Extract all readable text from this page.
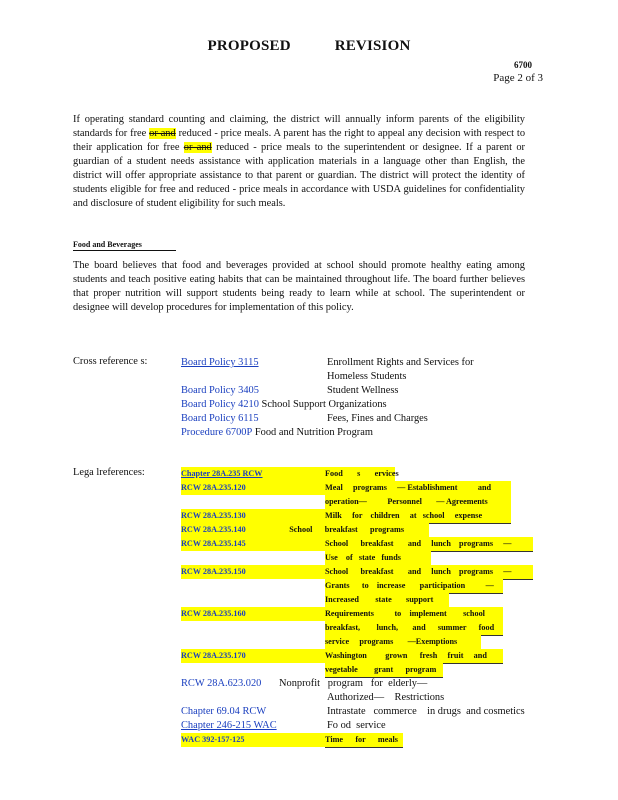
PROPOSED	REVISION
6700
Page 2 of 3
If operating standard counting and claiming, the district will annually inform parents of the eligibility standards for free or and reduced - price meals. A parent has the right to appeal any decision with respect to their application for free or and reduced - price meals to the superintendent or designee. If a parent or guardian of a student needs assistance with application materials in a language other than English, the district will offer appropriate assistance to that parent or guardian. The district will protect the identity of students eligible for free and reduced - price meals in accordance with USDA guidelines for confidentiality and disclosure of student eligibility for such meals.
Food and Beverages
The board believes that food and beverages provided at school should promote healthy eating among students and teach positive eating habits that can be maintained throughout life. The board further believes that proper nutrition will support students being ready to learn while at school. The superintendent or designee will develop procedures for implementation of this policy.
Cross reference s:	Board Policy 3115	Enrollment Rights and Services for
Homeless Students
Board Policy 3405	Student Wellness
Board Policy 4210 School Support Organizations
Board Policy 6115	Fees, Fines and Charges
Procedure 6700P Food and Nutrition Program
Lega lreferences:	Chapter 28A.235 RCW	Food       s       ervices
RCW 28A.235.120	Meal     programs     — Establishment          and
operation—          Personnel       — Agreements
RCW 28A.235.130	Milk     for    children     at   school     expense
RCW 28A.235.140	School      breakfast      programs
RCW 28A.235.145	School      breakfast       and     lunch    programs     —
Use    of   state   funds
RCW 28A.235.150	School      breakfast       and     lunch    programs     —
Grants      to    increase       participation          —
Increased        state       support
RCW 28A.235.160	Requirements          to    implement        school
breakfast,        lunch,       and      summer      food
service     programs       —Exemptions
RCW 28A.235.170	Washington         grown      fresh     fruit     and
vegetable        grant      program
RCW 28A.623.020 Nonprofit   program   for  elderly—
Authorized—    Restrictions
Chapter 69.04 RCW	Intrastate   commerce    in drugs  and cosmetics
Chapter 246-215 WAC	Fo od  service
WAC 392-157-125	Time      for      meals
